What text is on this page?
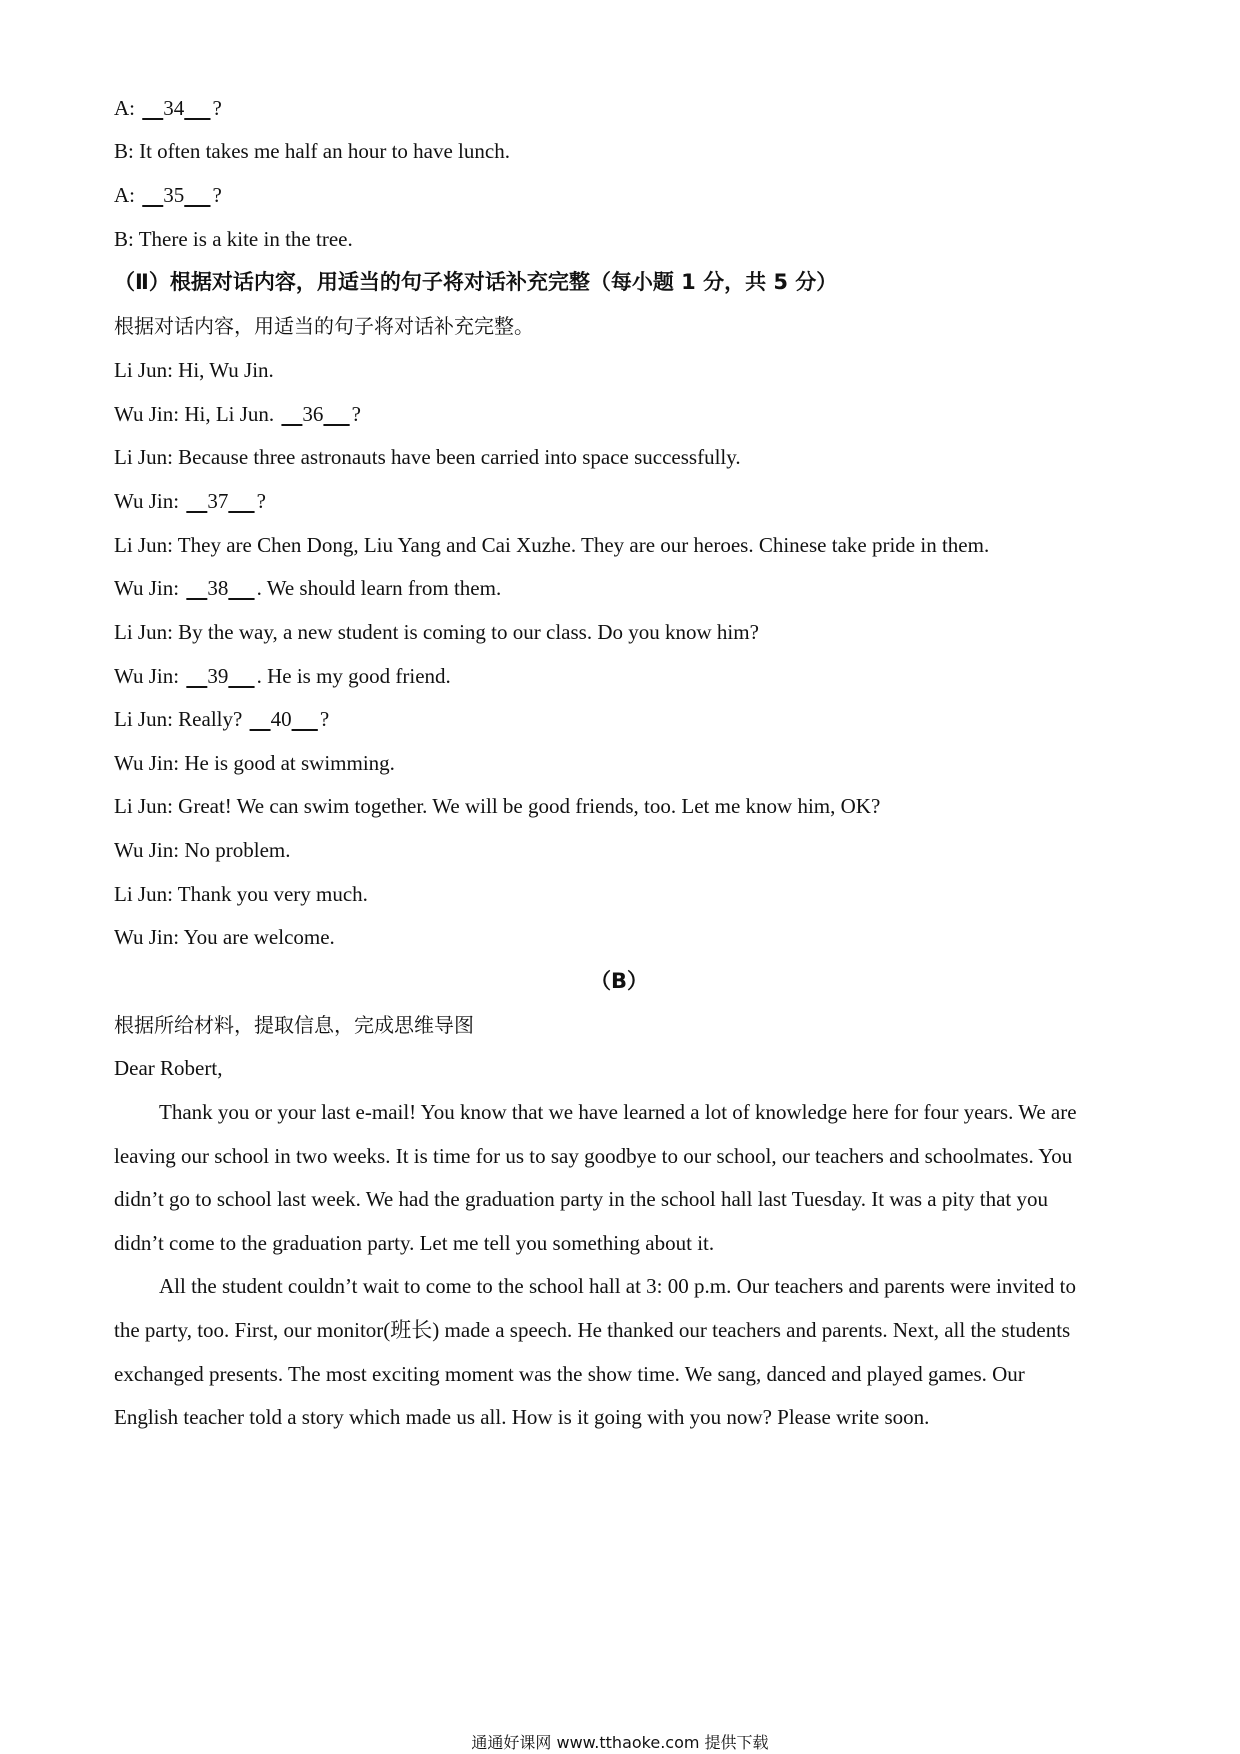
A: 34 ?
B: It often takes me half an hour to have lunch.
A: 35 ?
B: There is a kite in the tree.
（Ⅱ）根据对话内容，用适当的句子将对话补充完整（每小题 1 分，共 5 分）
根据对话内容，用适当的句子将对话补充完整。
Li Jun: Hi, Wu Jin.
Wu Jin: Hi, Li Jun. 36 ?
Li Jun: Because three astronauts have been carried into space successfully.
Wu Jin: 37 ?
Li Jun: They are Chen Dong, Liu Yang and Cai Xuzhe. They are our heroes. Chinese take pride in them.
Wu Jin: 38 . We should learn from them.
Li Jun: By the way, a new student is coming to our class. Do you know him?
Wu Jin: 39 . He is my good friend.
Li Jun: Really? 40 ?
Wu Jin: He is good at swimming.
Li Jun: Great! We can swim together. We will be good friends, too. Let me know him, OK?
Wu Jin: No problem.
Li Jun: Thank you very much.
Wu Jin: You are welcome.
（B）
根据所给材料，提取信息，完成思维导图
Dear Robert,
Thank you or your last e-mail! You know that we have learned a lot of knowledge here for four years. We are
leaving our school in two weeks. It is time for us to say goodbye to our school, our teachers and schoolmates. You
didn’t go to school last week. We had the graduation party in the school hall last Tuesday. It was a pity that you
didn’t come to the graduation party. Let me tell you something about it.
All the student couldn’t wait to come to the school hall at 3: 00 p.m. Our teachers and parents were invited to
the party, too. First, our monitor(班长) made a speech. He thanked our teachers and parents. Next, all the students
exchanged presents. The most exciting moment was the show time. We sang, danced and played games. Our
English teacher told a story which made us all. How is it going with you now? Please write soon.
通通好课网 www.tthaoke.com 提供下载
